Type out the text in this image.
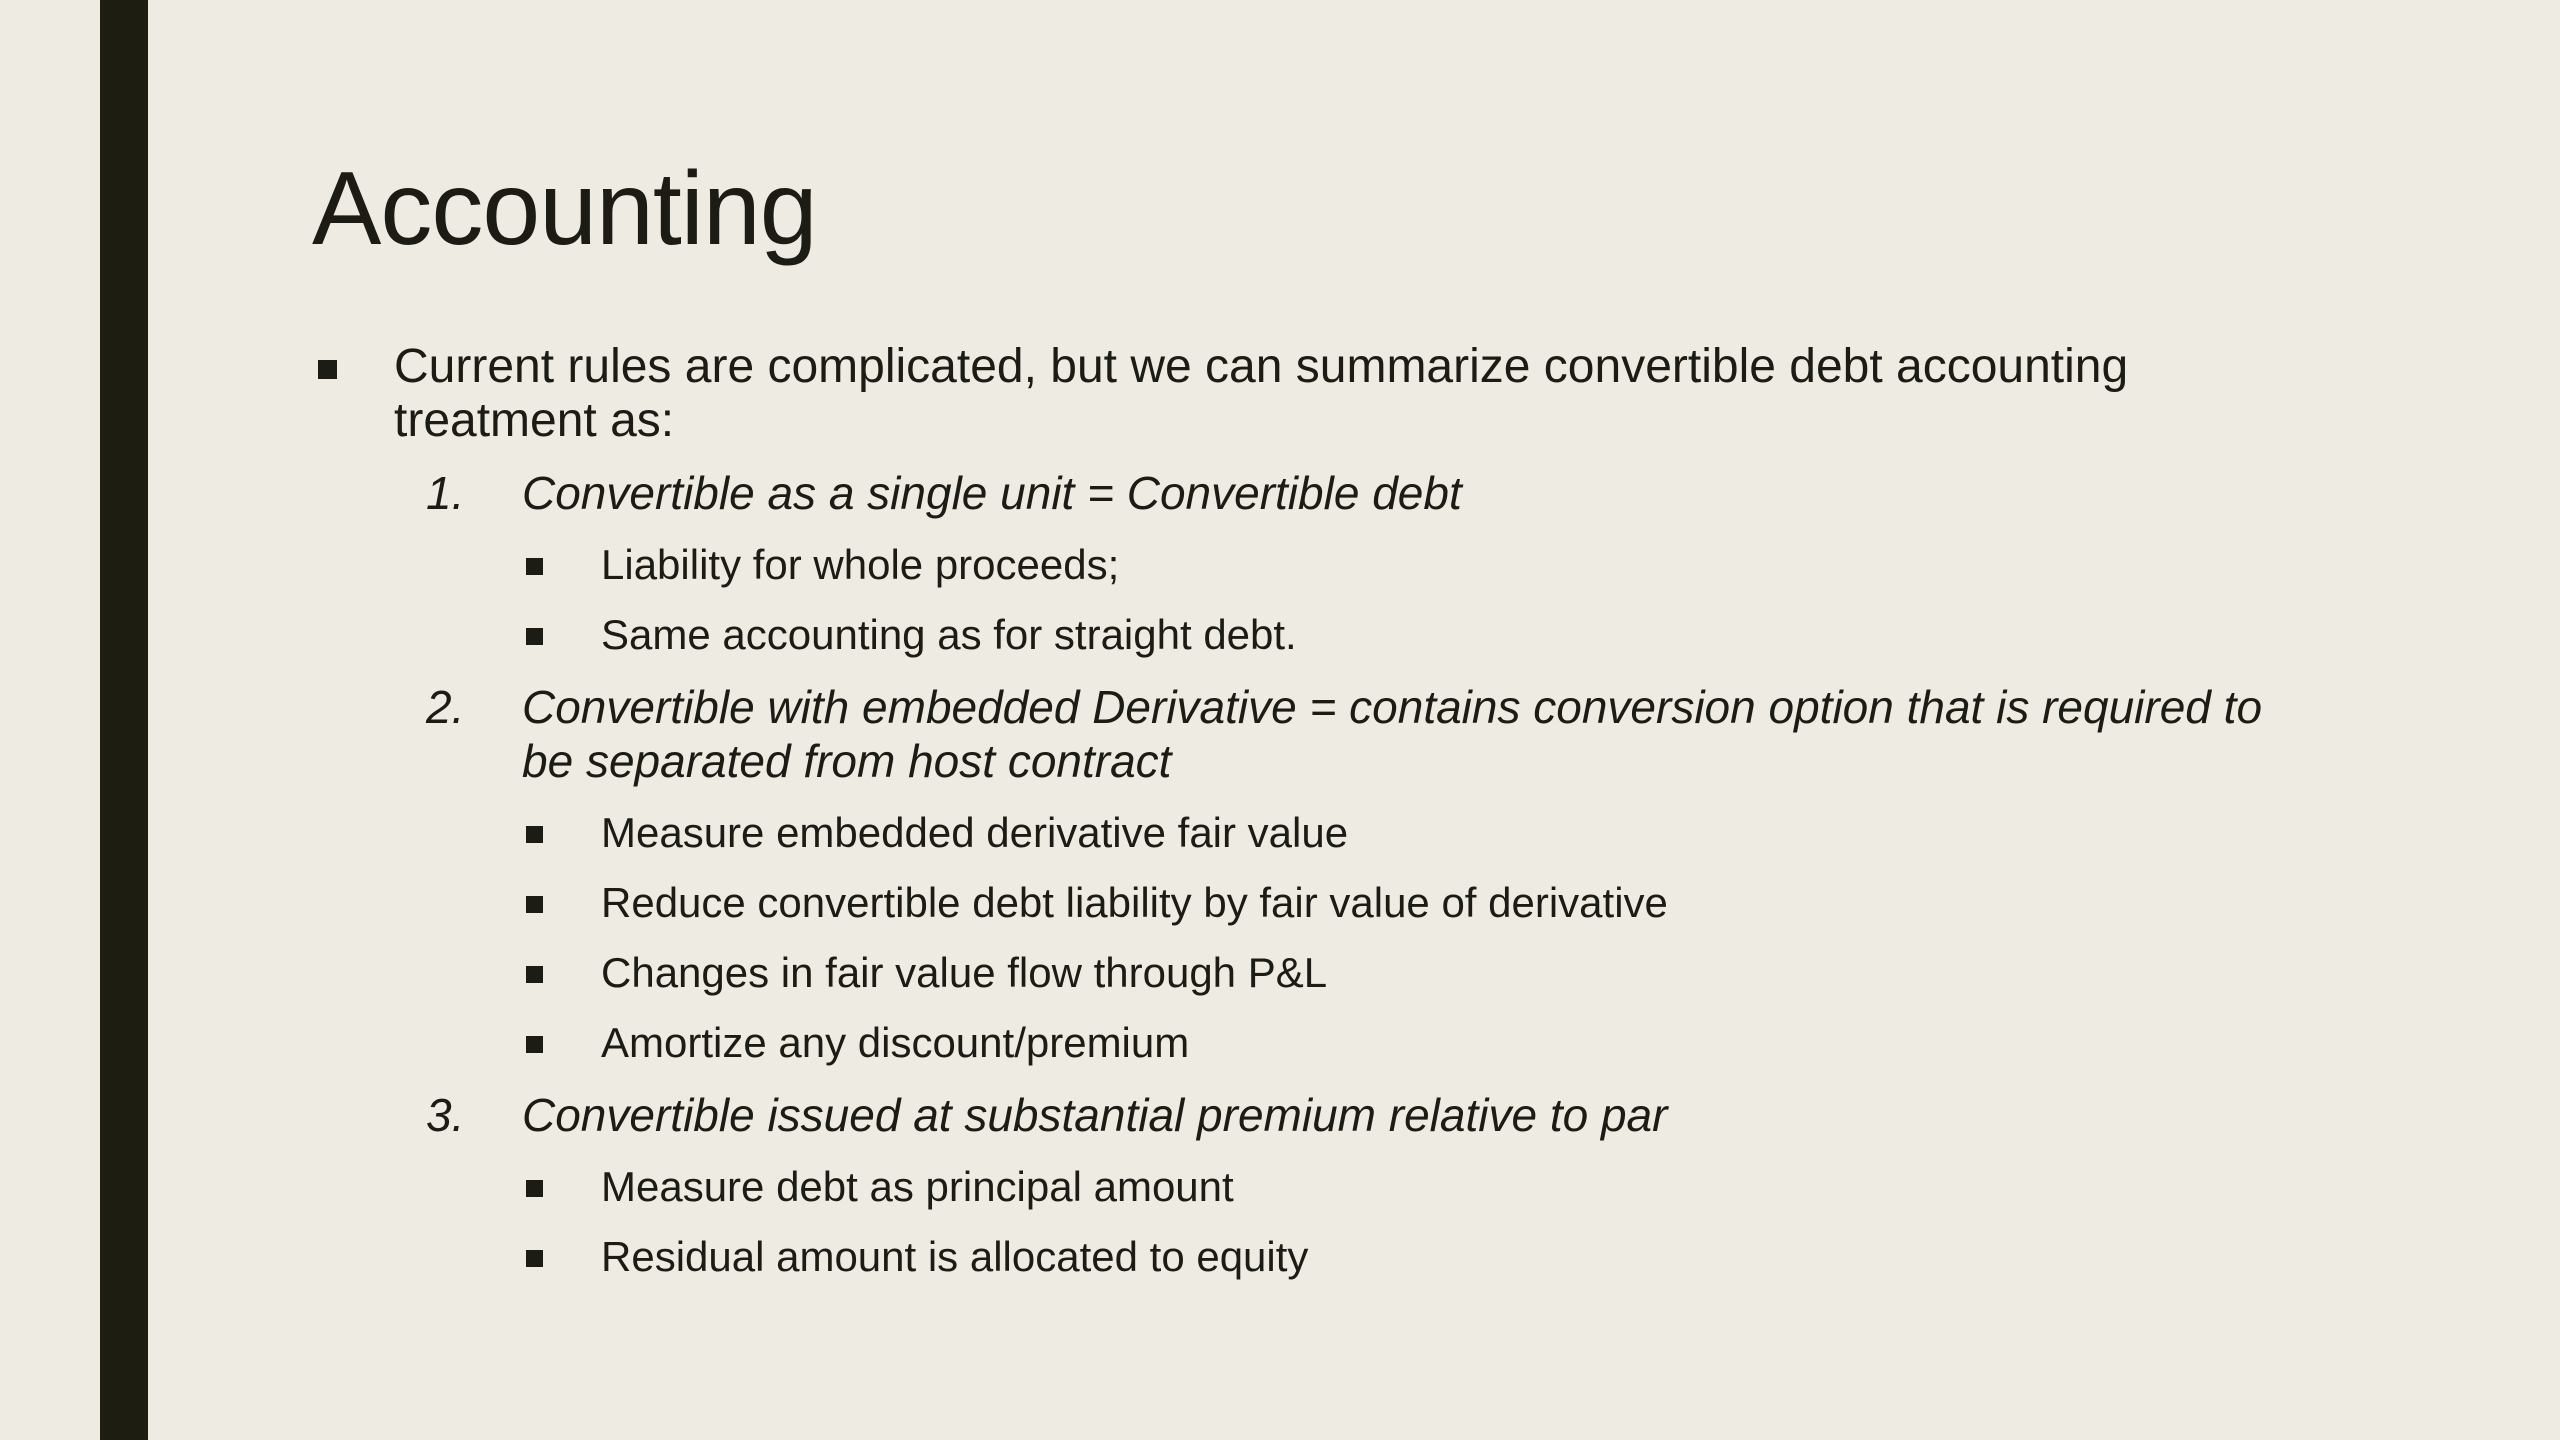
Accounting
Current rules are complicated, but we can summarize convertible debt accounting treatment as:
1. Convertible as a single unit = Convertible debt
Liability for whole proceeds;
Same accounting as for straight debt.
2. Convertible with embedded Derivative = contains conversion option that is required to be separated from host contract
Measure embedded derivative fair value
Reduce convertible debt liability by fair value of derivative
Changes in fair value flow through P&L
Amortize any discount/premium
3. Convertible issued at substantial premium relative to par
Measure debt as principal amount
Residual amount is allocated to equity
